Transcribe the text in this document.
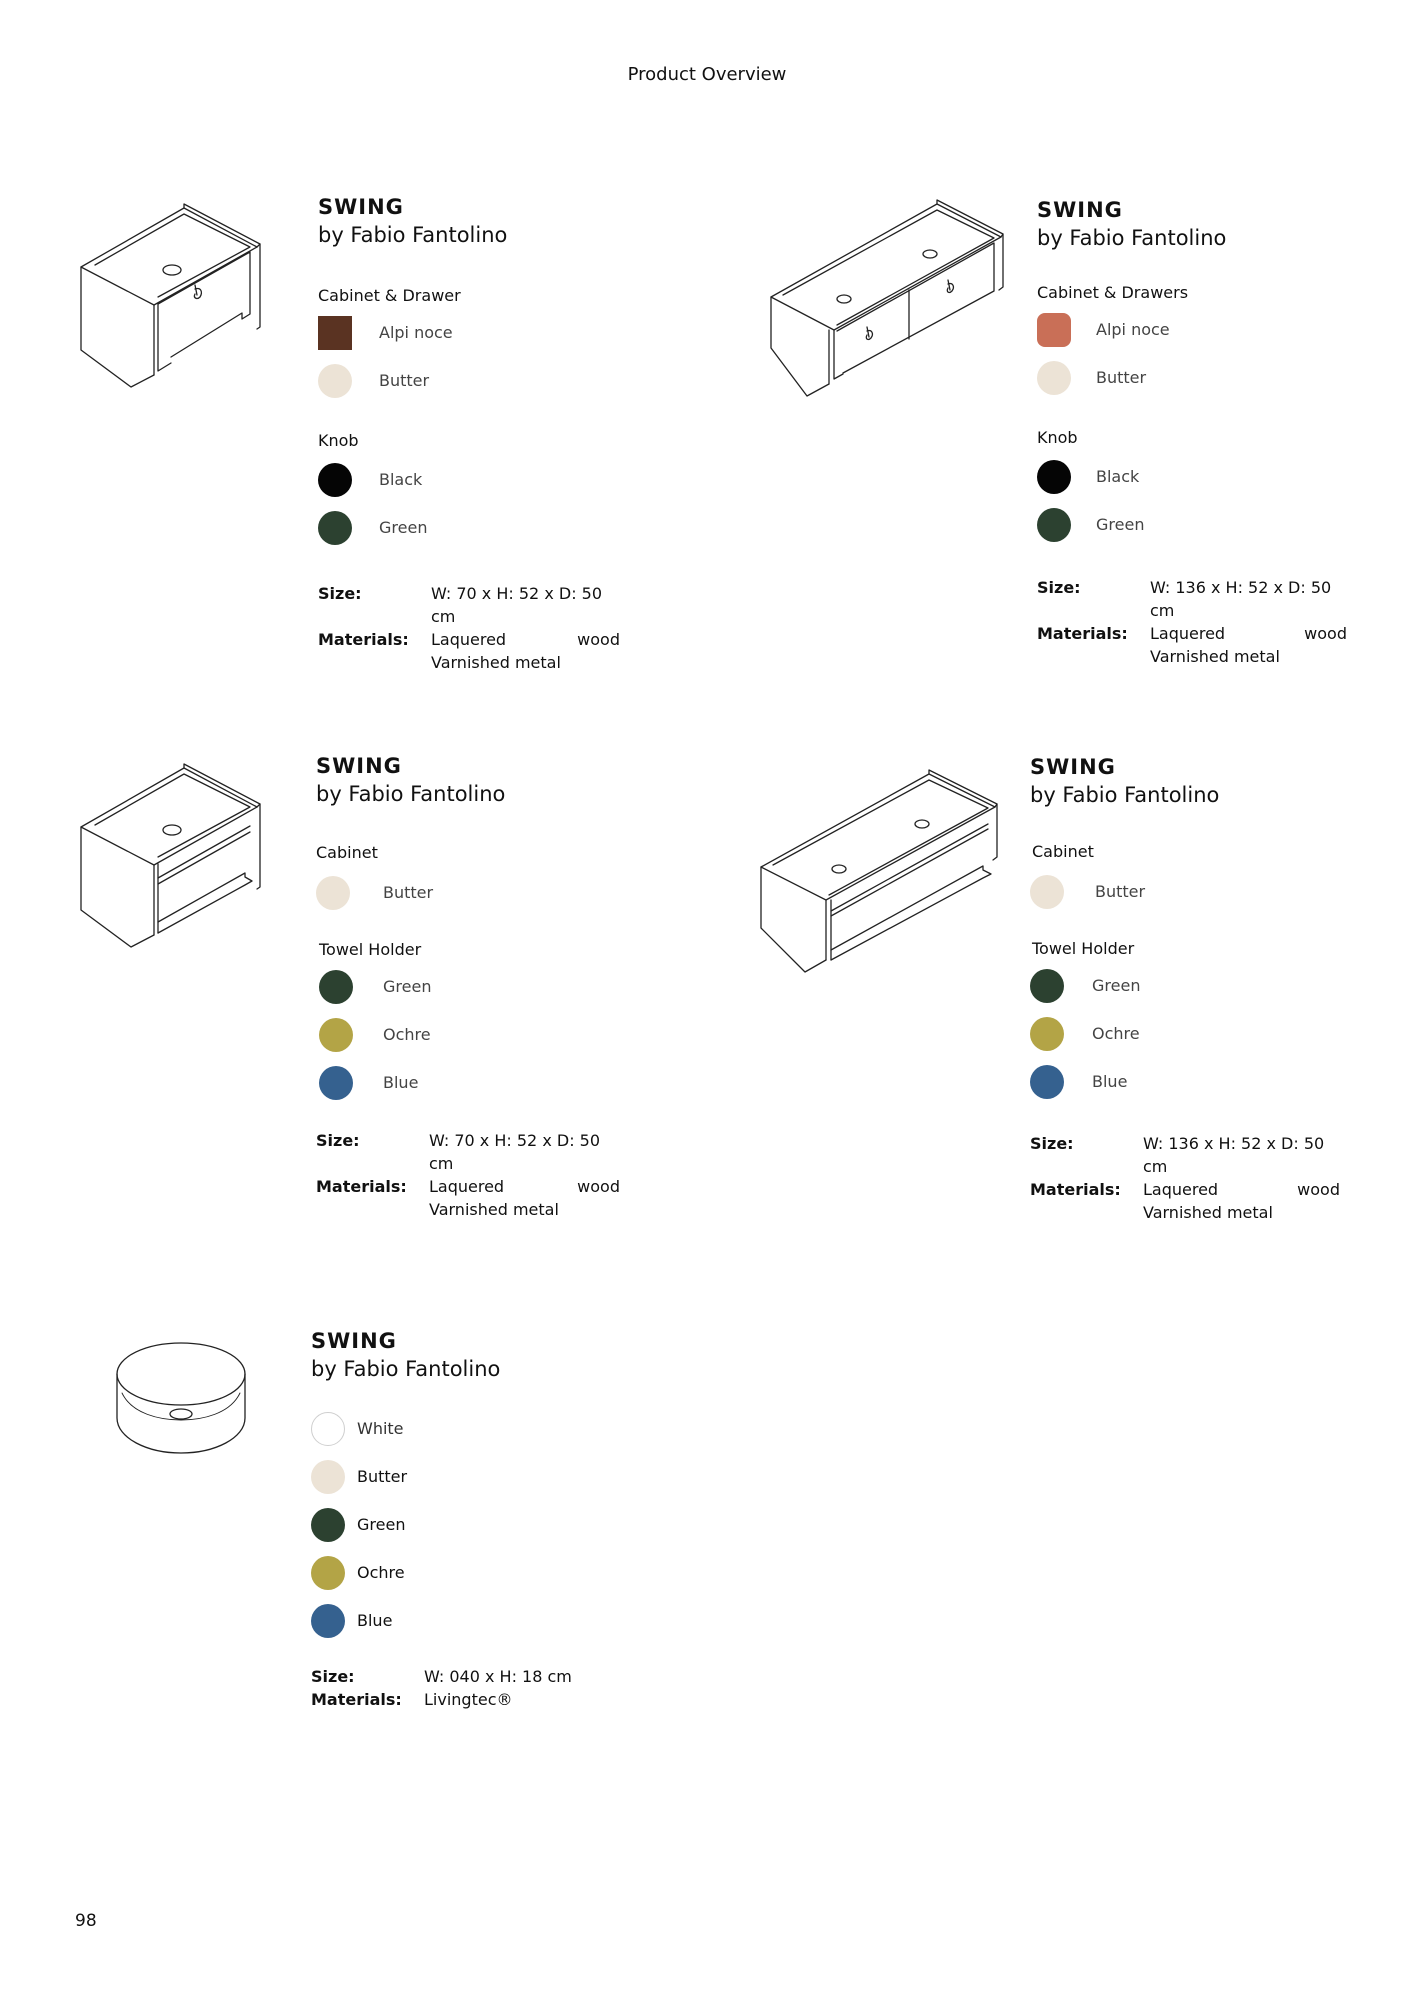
Product Overview
SWING
by Fabio Fantolino
Cabinet & Drawer
Alpi noce
Butter
Knob
Black
Green
Size:	W: 70 x H: 52 x D: 50 cm
Materials:	Laquered	wood
Varnished metal
SWING
by Fabio Fantolino
Cabinet & Drawers
Alpi noce
Butter
Knob
Black
Green
Size:	W: 136 x H: 52 x D: 50 cm
Materials:	Laquered	wood
Varnished metal
SWING
by Fabio Fantolino
Cabinet
Butter
Towel Holder
Green
Ochre
Blue
Size:	W: 70 x H: 52 x D: 50 cm
Materials:	Laquered	wood
Varnished metal
SWING
by Fabio Fantolino
Cabinet
Butter
Towel Holder
Green
Ochre
Blue
Size:	W: 136 x H: 52 x D: 50 cm
Materials:	Laquered	wood
Varnished metal
SWING
by Fabio Fantolino
White
Butter
Green
Ochre
Blue
Size:	W: 040 x H: 18 cm
Materials:	Livingtec®
98
